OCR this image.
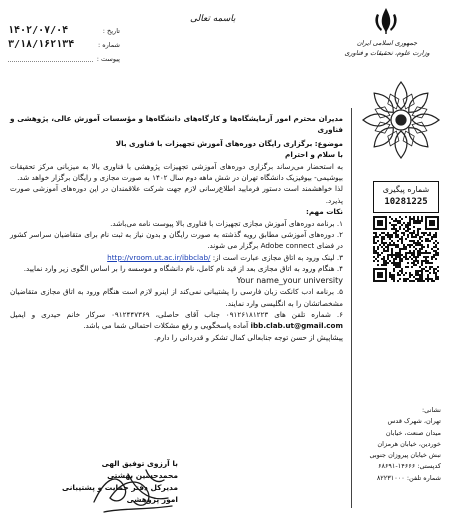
تاریخ :
۱۴۰۲/۰۷/۰۴
شماره :
۳/۱۸/۱۶۲۱۳۴
پیوست :
باسمه تعالی
جمهوری اسلامی ایران
وزارت علوم، تحقیقات و فناوری
شماره پیگیری
10281225
نشانی:
تهران، شهرک قدس
میدان صنعت، خیابان
خوردین، خیابان هرمزان
نبش خیابان پیروزان جنوبی
کدپستی: ۱۴۶۶۶-۶۸۶۹۱
شماره تلفن: ۸۲۲۳۱۰۰۰

مدیران محترم امور آزمایشگاه‌ها و کارگاه‌های دانشگاه‌ها و مؤسسات آموزش عالی، پژوهشی و فناوری

موضوع: برگزاری رایگان دوره‌های آموزش تجهیزات با فناوری بالا

با سلام و احترام

به استحضار می‌رساند برگزاری دوره‌های آموزشی تجهیزات پژوهشی با فناوری بالا به میزبانی مرکز تحقیقات بیوشیمی- بیوفیزیک دانشگاه تهران در شش ماهه دوم سال ۱۴۰۲ به صورت مجازی و رایگان برگزار خواهد شد.

لذا خواهشمند است دستور فرمایید اطلاع‌رسانی لازم جهت شرکت علاقمندان در این دوره‌های آموزشی صورت پذیرد.

نکات مهم:

۱. برنامه دوره‌های آموزش مجازی تجهیزات با فناوری بالا پیوست نامه می‌باشد.

۲. دوره‌های آموزشی مطابق رویه گذشته به صورت رایگان و بدون نیاز به ثبت نام برای متقاضیان سراسر کشور در فضای Adobe connect برگزار می شوند.

۳. لینک ورود به اتاق مجازی عبارت است از: http://vroom.ut.ac.ir/ibbclab/

۴. هنگام ورود به اتاق مجازی بعد از قید نام کامل، نام دانشگاه و موسسه را بر اساس الگوی زیر وارد نمایید.

Your name_your university

۵. برنامه ادب کانکت زبان فارسی را پشتیبانی نمی‌کند از اینرو لازم است هنگام ورود به اتاق مجازی متقاضیان مشخصاتشان را به انگلیسی وارد نمایند.

۶. شماره تلفن های ۰۹۱۲۶۱۸۱۲۲۳ جناب آقای حاصلی، ۰۹۱۲۴۴۷۳۶۹ سرکار خانم حیدری و ایمیل ibb.clab.ut@gmail.com آماده پاسخگویی و رفع مشکلات احتمالی شما می باشد.

پیشاپیش از حسن توجه جنابعالی کمال تشکر و قدردانی را دارم.

با آرزوی توفیق الهی

محمدحسین بهشتی

مدیرکل دفتر حمایت و پشتیبانی امور پژوهشی
